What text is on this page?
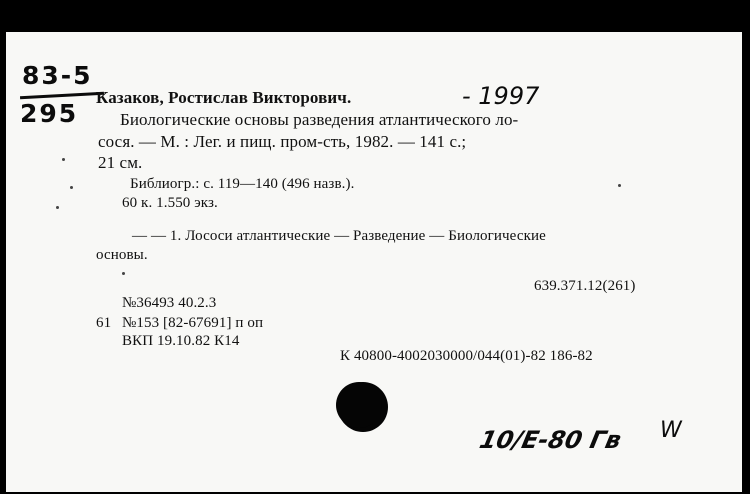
83-5
295
Казаков, Ростислав Викторович.	- 1997
Биологические основы разведения атлантического ло-
сося. — М. : Лег. и пищ. пром-сть, 1982. — 141 с.;
21 см.
Библиогр.: с. 119—140 (496 назв.).
60 к. 1.550 экз.
— — 1. Лососи атлантические — Разведение — Биологические
основы.
639.371.12(261)
№36493 40.2.3
61 №153 [82-67691] п оп
ВКП 19.10.82 К14
К 40800-4002030000/044(01)-82 186-82
10/E-80 Гв W
